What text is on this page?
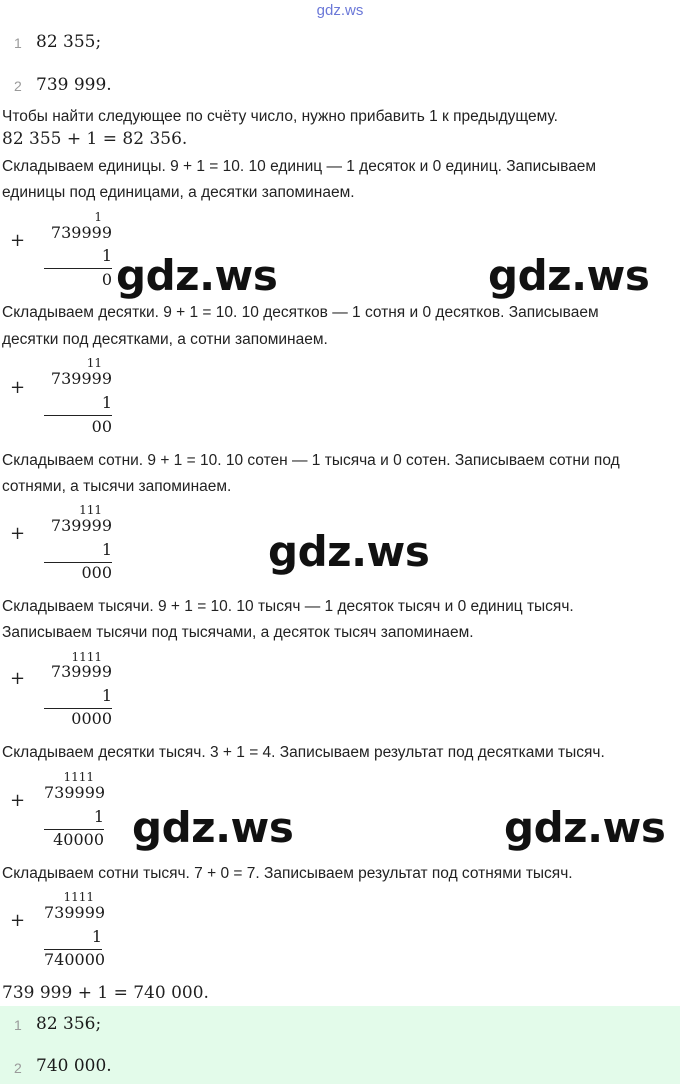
gdz.ws
1 82 355;
2 739 999.
Чтобы найти следующее по счёту число, нужно прибавить 1 к предыдущему.
82 355 + 1 = 82 356.
Складываем единицы. 9 + 1 = 10. 10 единиц — 1 десяток и 0 единиц. Записываем
единицы под единицами, а десятки запоминаем.
+
1
739999
1
0
Складываем десятки. 9 + 1 = 10. 10 десятков — 1 сотня и 0 десятков. Записываем
десятки под десятками, а сотни запоминаем.
+
11
739999
1
00
Складываем сотни. 9 + 1 = 10. 10 сотен — 1 тысяча и 0 сотен. Записываем сотни под
сотнями, а тысячи запоминаем.
+
111
739999
1
000
Складываем тысячи. 9 + 1 = 10. 10 тысяч — 1 десяток тысяч и 0 единиц тысяч.
Записываем тысячи под тысячами, а десяток тысяч запоминаем.
+
1111
739999
1
0000
Складываем десятки тысяч. 3 + 1 = 4. Записываем результат под десятками тысяч.
+
1111
739999
1
40000
Складываем сотни тысяч. 7 + 0 = 7. Записываем результат под сотнями тысяч.
+
1111
739999
1
740000
739 999 + 1 = 740 000.
1 82 356;
2 740 000.
gdz.ws	gdz.ws
gdz.ws
gdz.ws	gdz.ws
